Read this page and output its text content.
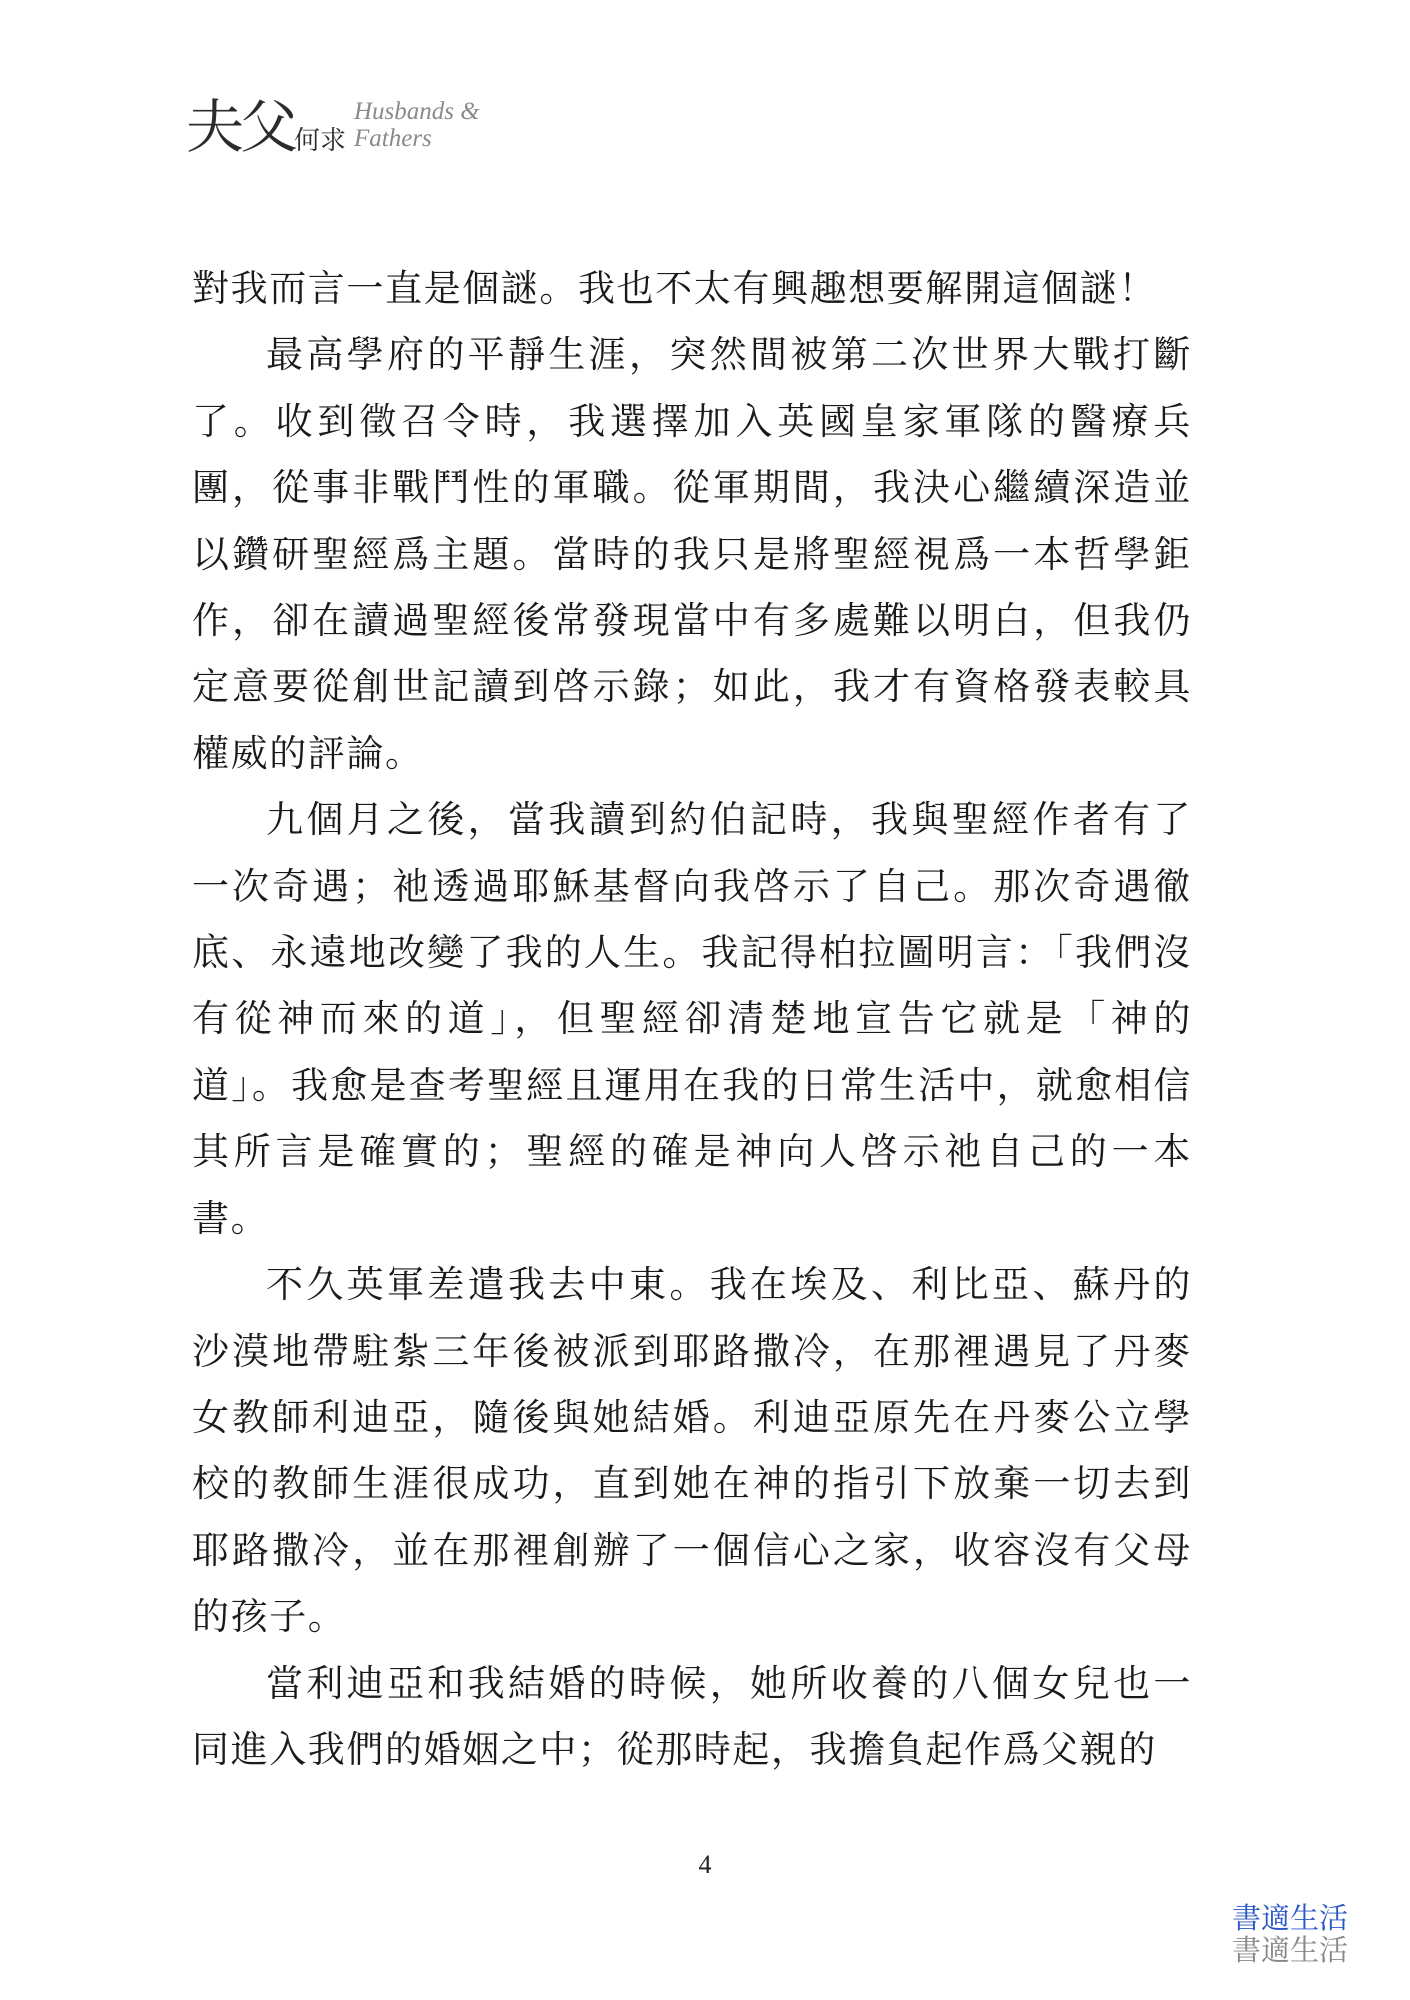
夫父 何求
Husbands &
Fathers

對我而言一直是個謎。我也不太有興趣想要解開這個謎！

最高學府的平靜生涯，突然間被第二次世界大戰打斷了。收到徵召令時，我選擇加入英國皇家軍隊的醫療兵團，從事非戰鬥性的軍職。從軍期間，我決心繼續深造並以鑽研聖經爲主題。當時的我只是將聖經視爲一本哲學鉅作，卻在讀過聖經後常發現當中有多處難以明白，但我仍定意要從創世記讀到啓示錄；如此，我才有資格發表較具權威的評論。

九個月之後，當我讀到約伯記時，我與聖經作者有了一次奇遇；祂透過耶穌基督向我啓示了自己。那次奇遇徹底、永遠地改變了我的人生。我記得柏拉圖明言：「我們沒有從神而來的道」，但聖經卻清楚地宣告它就是「神的道」。我愈是查考聖經且運用在我的日常生活中，就愈相信其所言是確實的；聖經的確是神向人啓示祂自己的一本書。

不久英軍差遣我去中東。我在埃及、利比亞、蘇丹的沙漠地帶駐紮三年後被派到耶路撒冷，在那裡遇見了丹麥女教師利迪亞，隨後與她結婚。利迪亞原先在丹麥公立學校的教師生涯很成功，直到她在神的指引下放棄一切去到耶路撒冷，並在那裡創辦了一個信心之家，收容沒有父母的孩子。

當利迪亞和我結婚的時候，她所收養的八個女兒也一同進入我們的婚姻之中；從那時起，我擔負起作爲父親的

4
書適生活
書適生活
